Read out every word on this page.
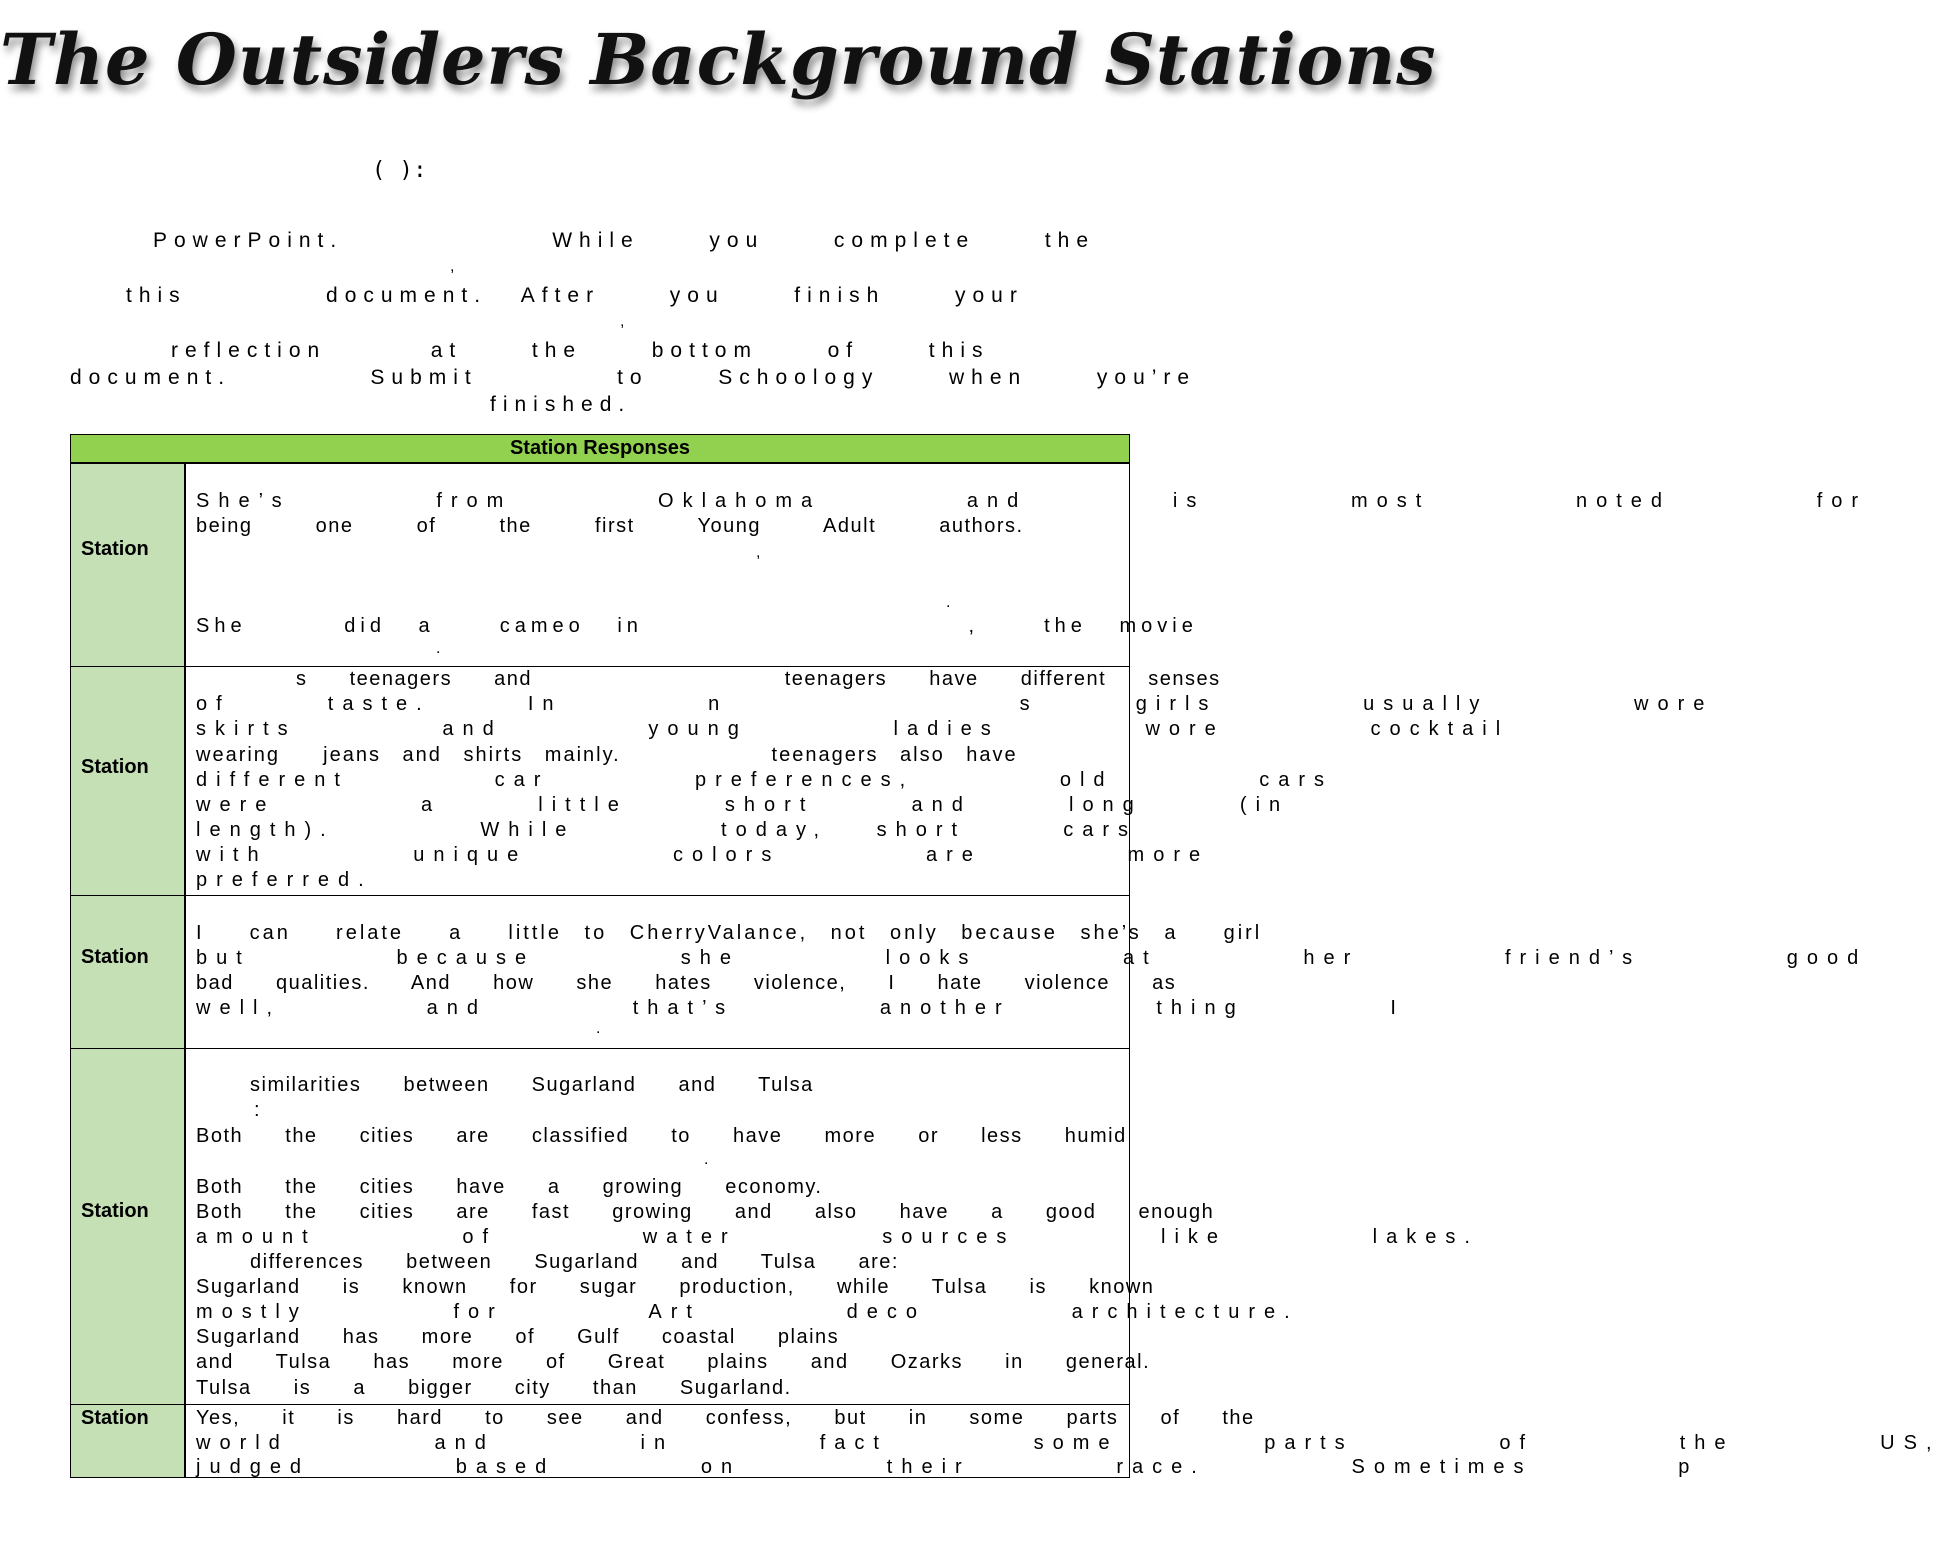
The Outsiders Background Stations
( ):
PowerPoint.      While  you  complete  the
,
this    document. After  you  finish  your
,
reflection   at  the  bottom  of  this
document.    Submit    to  Schoology  when  you’re
finished.
Station Responses
Station
She’s   from   Oklahoma   and   is   most   noted   for
being   one   of   the   first   Young   Adult   authors.
,
.
She   did a  cameo in          ,  the movie
.
Station
s  teenagers  and            teenagers  have  different  senses
of  taste.  In   n      s  girls   usually   wore
skirts   and   young   ladies   wore   cocktail
wearing  jeans and shirts mainly.       teenagers also have
different   car   preferences,   old   cars
were   a  little  short  and  long  (in
length).   While   today, short  cars
with   unique   colors   are   more
preferred.
Station
I  can  relate  a  little to CherryValance, not only because she’s a  girl
but   because   she   looks   at   her   friend’s   good
bad  qualities.  And  how  she  hates  violence,  I  hate  violence  as
well,   and   that’s   another   thing   I
.
Station
similarities  between  Sugarland  and  Tulsa
:
Both  the  cities  are  classified  to  have  more  or  less  humid
.
Both  the  cities  have  a  growing  economy.
Both  the  cities  are  fast  growing  and  also  have  a  good  enough
amount   of   water   sources   like   lakes.
differences  between  Sugarland  and  Tulsa  are:
Sugarland  is  known  for  sugar  production,  while  Tulsa  is  known
mostly   for   Art   deco   architecture.
Sugarland  has  more  of  Gulf  coastal  plains
and  Tulsa  has  more  of  Great  plains  and  Ozarks  in  general.
Tulsa  is  a  bigger  city  than  Sugarland.
Station Yes,  it  is  hard  to  see  and  confess,  but  in  some  parts  of  the
world   and   in   fact   some   parts   of   the   US,
judged   based   on   their   race.   Sometimes   p
